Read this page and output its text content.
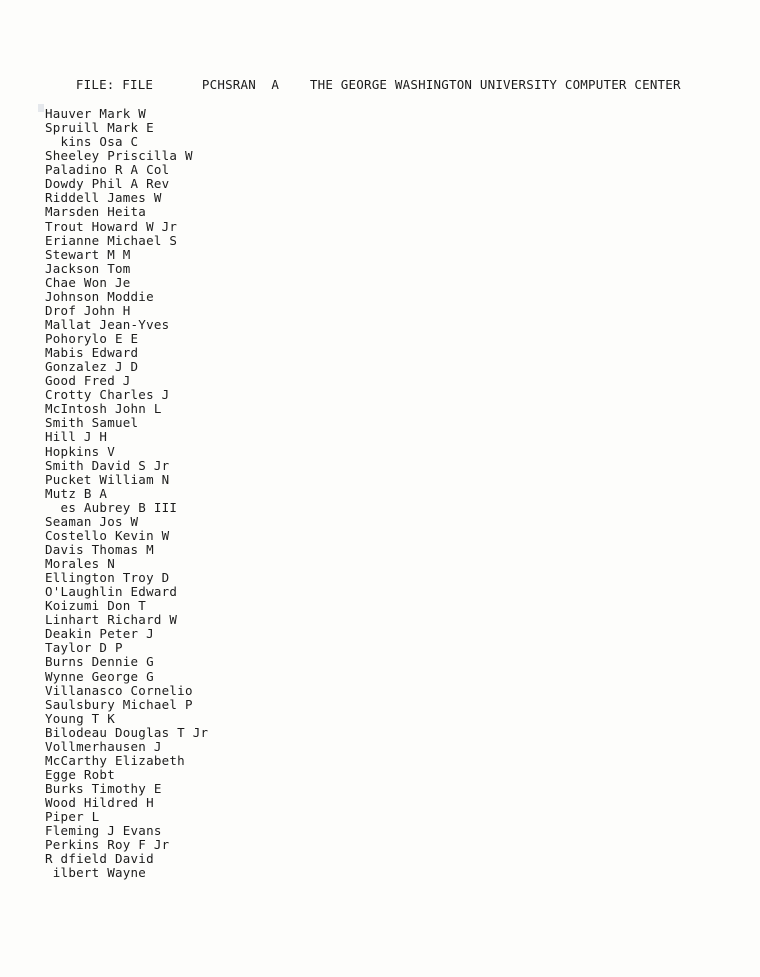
FILE: FILE	PCHSRAN  A THE GEORGE WASHINGTON UNIVERSITY COMPUTER CENTER

Hauver Mark W
Spruill Mark E
kins Osa C
Sheeley Priscilla W
Paladino R A Col
Dowdy Phil A Rev
Riddell James W
Marsden Heita
Trout Howard W Jr
Erianne Michael S
Stewart M M
Jackson Tom
Chae Won Je
Johnson Moddie
Drof John H
Mallat Jean-Yves
Pohorylo E E
Mabis Edward
Gonzalez J D
Good Fred J
Crotty Charles J
McIntosh John L
Smith Samuel
Hill J H
Hopkins V
Smith David S Jr
Pucket William N
Mutz B A
es Aubrey B III
Seaman Jos W
Costello Kevin W
Davis Thomas M
Morales N
Ellington Troy D
O'Laughlin Edward
Koizumi Don T
Linhart Richard W
Deakin Peter J
Taylor D P
Burns Dennie G
Wynne George G
Villanasco Cornelio
Saulsbury Michael P
Young T K
Bilodeau Douglas T Jr
Vollmerhausen J
McCarthy Elizabeth
Egge Robt
Burks Timothy E
Wood Hildred H
Piper L
Fleming J Evans
Perkins Roy F Jr
R dfield David
ilbert Wayne
